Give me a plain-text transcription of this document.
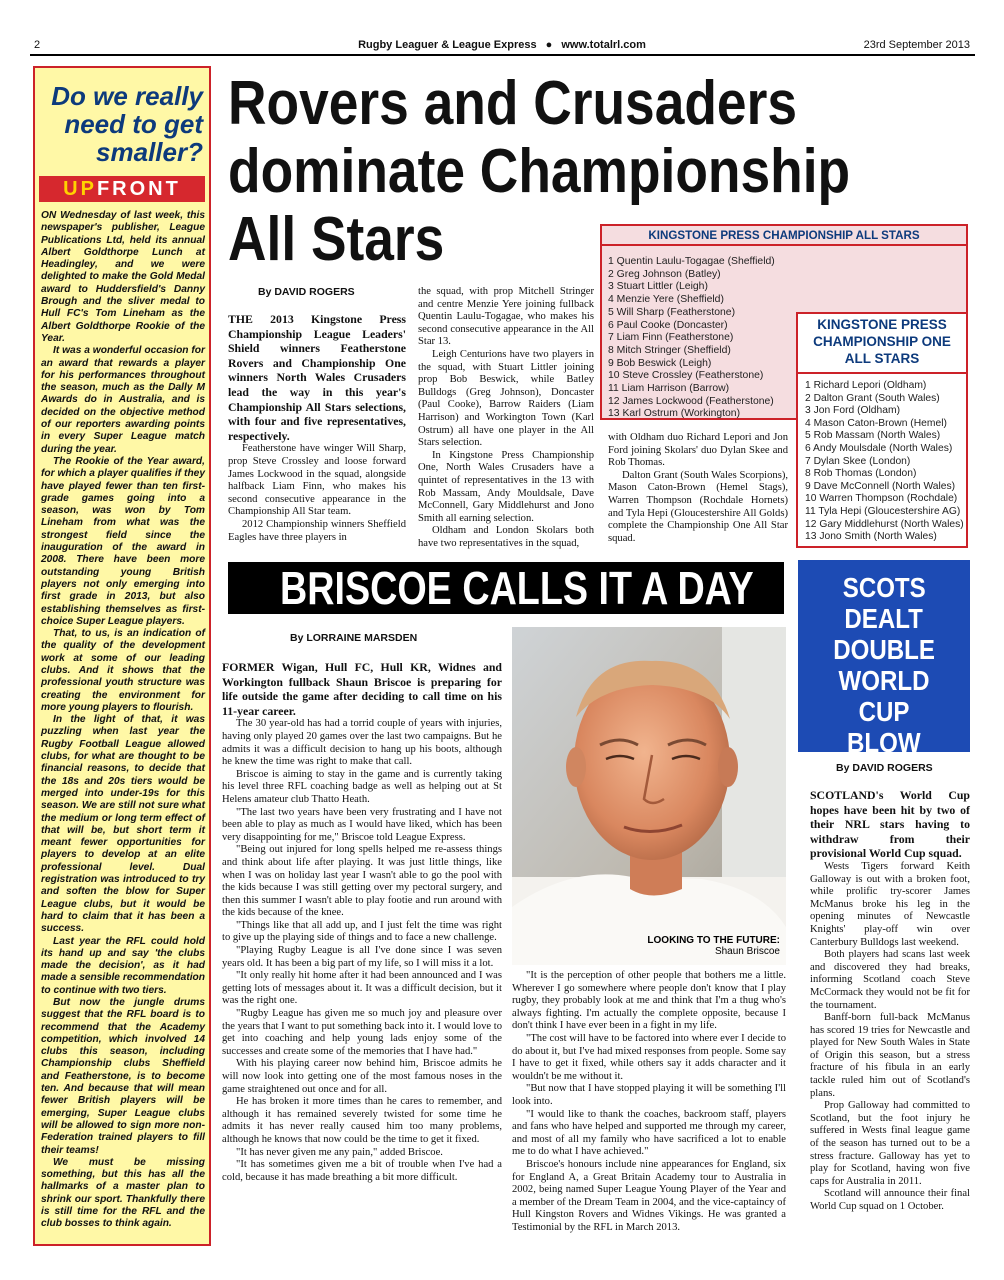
2	Rugby Leaguer & League Express ● www.totalrl.com	23rd September 2013
Do we really need to get smaller?
UPFRONT

ON Wednesday of last week, this newspaper's publisher, League Publications Ltd, held its annual Albert Goldthorpe Lunch at Headingley, and we were delighted to make the Gold Medal award to Huddersfield's Danny Brough and the sliver medal to Hull FC's Tom Lineham as the Albert Goldthorpe Rookie of the Year.

It was a wonderful occasion for an award that rewards a player for his performances throughout the season, much as the Dally M Awards do in Australia, and is decided on the objective method of our reporters awarding points in every Super League match during the year.

The Rookie of the Year award, for which a player qualifies if they have played fewer than ten first-grade games going into a season, was won by Tom Lineham from what was the strongest field since the inauguration of the award in 2008. There have been more outstanding young British players not only emerging into first grade in 2013, but also establishing themselves as first-choice Super League players.

That, to us, is an indication of the quality of the development work at some of our leading clubs. And it shows that the professional youth structure was creating the environment for more young players to flourish.

In the light of that, it was puzzling when last year the Rugby Football League allowed clubs, for what are thought to be financial reasons, to decide that the 18s and 20s tiers would be merged into under-19s for this season. We are still not sure what the medium or long term effect of that will be, but short term it meant fewer opportunities for players to develop at an elite professional level. Dual registration was introduced to try and soften the blow for Super League clubs, but it would be hard to claim that it has been a success.

Last year the RFL could hold its hand up and say 'the clubs made the decision', as it had made a sensible recommendation to continue with two tiers.

But now the jungle drums suggest that the RFL board is to recommend that the Academy competition, which involved 14 clubs this season, including Championship clubs Sheffield and Featherstone, is to become ten. And because that will mean fewer British players will be emerging, Super League clubs will be allowed to sign more non-Federation trained players to fill their teams!

We must be missing something, but this has all the hallmarks of a master plan to shrink our sport. Thankfully there is still time for the RFL and the club bosses to think again.

Rovers and Crusaders
dominate Championship
All Stars
By DAVID ROGERS

THE 2013 Kingstone Press Championship League Leaders' Shield winners Featherstone Rovers and Championship One winners North Wales Crusaders lead the way in this year's Championship All Stars selections, with four and five representatives, respectively.

Featherstone have winger Will Sharp, prop Steve Crossley and loose forward James Lockwood in the squad, alongside halfback Liam Finn, who makes his second consecutive appearance in the Championship All Star team.

2012 Championship winners Sheffield Eagles have three players in

the squad, with prop Mitchell Stringer and centre Menzie Yere joining fullback Quentin Laulu-Togagae, who makes his second consecutive appearance in the All Star 13.

Leigh Centurions have two players in the squad, with Stuart Littler joining prop Bob Beswick, while Batley Bulldogs (Greg Johnson), Doncaster (Paul Cooke), Barrow Raiders (Liam Harrison) and Workington Town (Karl Ostrum) all have one player in the All Stars selection.

In Kingstone Press Championship One, North Wales Crusaders have a quintet of representatives in the 13 with Rob Massam, Andy Mouldsale, Dave McConnell, Gary Middlehurst and Jono Smith all earning selection.

Oldham and London Skolars both have two representatives in the squad,

with Oldham duo Richard Lepori and Jon Ford joining Skolars' duo Dylan Skee and Rob Thomas.

Dalton Grant (South Wales Scorpions), Mason Caton-Brown (Hemel Stags), Warren Thompson (Rochdale Hornets) and Tyla Hepi (Gloucestershire All Golds) complete the Championship One All Star squad.

KINGSTONE PRESS CHAMPIONSHIP ALL STARS
1 Quentin Laulu-Togagae (Sheffield)
2 Greg Johnson (Batley)
3 Stuart Littler (Leigh)
4 Menzie Yere (Sheffield)
5 Will Sharp (Featherstone)
6 Paul Cooke (Doncaster)
7 Liam Finn (Featherstone)
8 Mitch Stringer (Sheffield)
9 Bob Beswick (Leigh)
10 Steve Crossley (Featherstone)
11 Liam Harrison (Barrow)
12 James Lockwood (Featherstone)
13 Karl Ostrum (Workington)
KINGSTONE PRESS
CHAMPIONSHIP ONE
ALL STARS
1 Richard Lepori (Oldham)
2 Dalton Grant (South Wales)
3 Jon Ford (Oldham)
4 Mason Caton-Brown (Hemel)
5 Rob Massam (North Wales)
6 Andy Moulsdale (North Wales)
7 Dylan Skee (London)
8 Rob Thomas (London)
9 Dave McConnell (North Wales)
10 Warren Thompson (Rochdale)
11 Tyla Hepi (Gloucestershire AG)
12 Gary Middlehurst (North Wales)
13 Jono Smith (North Wales)
BRISCOE CALLS IT A DAY
By LORRAINE MARSDEN

FORMER Wigan, Hull FC, Hull KR, Widnes and Workington fullback Shaun Briscoe is preparing for life outside the game after deciding to call time on his 11-year career.

The 30 year-old has had a torrid couple of years with injuries, having only played 20 games over the last two campaigns. But he admits it was a difficult decision to hang up his boots, although he knew the time was right to make that call.

Briscoe is aiming to stay in the game and is currently taking his level three RFL coaching badge as well as helping out at St Helens amateur club Thatto Heath.

"The last two years have been very frustrating and I have not been able to play as much as I would have liked, which has been very disappointing for me," Briscoe told League Express.

"Being out injured for long spells helped me re-assess things and think about life after playing. It was just little things, like when I was on holiday last year I wasn't able to go the pool with the kids because I was still getting over my pectoral surgery, and then this summer I wasn't able to play footie and run around with the kids because of the knee.

"Things like that all add up, and I just felt the time was right to give up the playing side of things and to face a new challenge.

"Playing Rugby League is all I've done since I was seven years old. It has been a big part of my life, so I will miss it a lot.

"It only really hit home after it had been announced and I was getting lots of messages about it. It was a difficult decision, but it was the right one.

"Rugby League has given me so much joy and pleasure over the years that I want to put something back into it. I would love to get into coaching and help young lads enjoy some of the successes and create some of the memories that I have had."

With his playing career now behind him, Briscoe admits he will now look into getting one of the most famous noses in the game straightened out once and for all.

He has broken it more times than he cares to remember, and although it has remained severely twisted for some time he admits it has never really caused him too many problems, although he knows that now could be the time to get it fixed.

"It has never given me any pain," added Briscoe.

"It has sometimes given me a bit of trouble when I've had a cold, because it has made breathing a bit more difficult.

LOOKING TO THE FUTURE:
Shaun Briscoe

"It is the perception of other people that bothers me a little. Wherever I go somewhere where people don't know that I play rugby, they probably look at me and think that I'm a thug who's always fighting. I'm actually the complete opposite, because I don't think I have ever been in a fight in my life.

"The cost will have to be factored into where ever I decide to do about it, but I've had mixed responses from people. Some say I have to get it fixed, while others say it adds character and it wouldn't be me without it.

"But now that I have stopped playing it will be something I'll look into.

"I would like to thank the coaches, backroom staff, players and fans who have helped and supported me through my career, and most of all my family who have sacrificed a lot to enable me to do what I have achieved."

Briscoe's honours include nine appearances for England, six for England A, a Great Britain Academy tour to Australia in 2002, being named Super League Young Player of the Year and a member of the Dream Team in 2004, and the vice-captaincy of Hull Kingston Rovers and Widnes Vikings. He was granted a Testimonial by the RFL in March 2013.

SCOTS
DEALT
DOUBLE
WORLD CUP
BLOW
By DAVID ROGERS

SCOTLAND's World Cup hopes have been hit by two of their NRL stars having to withdraw from their provisional World Cup squad.

Wests Tigers forward Keith Galloway is out with a broken foot, while prolific try-scorer James McManus broke his leg in the opening minutes of Newcastle Knights' play-off win over Canterbury Bulldogs last weekend.

Both players had scans last week and discovered they had breaks, informing Scotland coach Steve McCormack they would not be fit for the tournament.

Banff-born full-back McManus has scored 19 tries for Newcastle and played for New South Wales in State of Origin this season, but a stress fracture of his fibula in an early tackle ruled him out of Scotland's plans.

Prop Galloway had committed to Scotland, but the foot injury he suffered in Wests final league game of the season has turned out to be a stress fracture. Galloway has yet to play for Scotland, having won five caps for Australia in 2011.

Scotland will announce their final World Cup squad on 1 October.
